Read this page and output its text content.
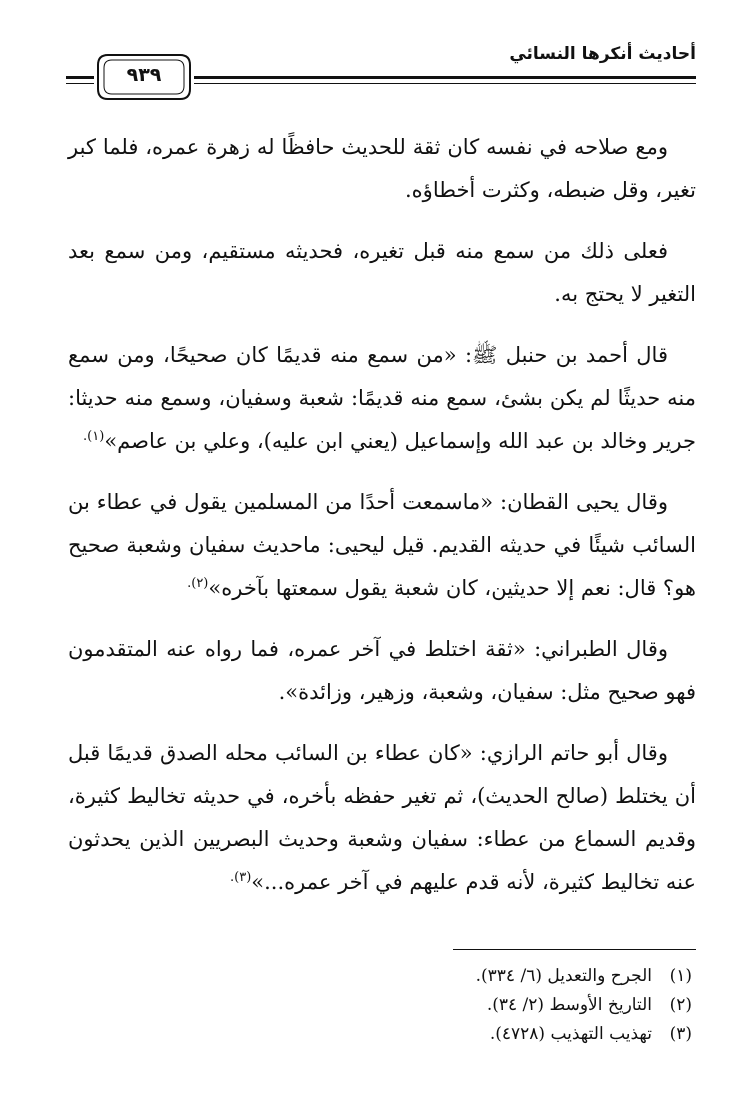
أحاديث أنكرها النسائي
٩٣٩

ومع صلاحه في نفسه كان ثقة للحديث حافظًا له زهرة عمره، فلما كبر تغير، وقل ضبطه، وكثرت أخطاؤه.

فعلى ذلك من سمع منه قبل تغيره، فحديثه مستقيم، ومن سمع بعد التغير لا يحتج به.

قال أحمد بن حنبل ﷺ: «من سمع منه قديمًا كان صحيحًا، ومن سمع منه حديثًا لم يكن بشئ، سمع منه قديمًا: شعبة وسفيان، وسمع منه حديثا: جرير وخالد بن عبد الله وإسماعيل (يعني ابن عليه)، وعلي بن عاصم»$^{(١).}$

وقال يحيى القطان: «ماسمعت أحدًا من المسلمين يقول في عطاء بن السائب شيئًا في حديثه القديم. قيل ليحيى: ماحديث سفيان وشعبة صحيح هو؟ قال: نعم إلا حديثين، كان شعبة يقول سمعتها بآخره»$^{(٢).}$

وقال الطبراني: «ثقة اختلط في آخر عمره، فما رواه عنه المتقدمون فهو صحيح مثل: سفيان، وشعبة، وزهير، وزائدة».

وقال أبو حاتم الرازي: «كان عطاء بن السائب محله الصدق قديمًا قبل أن يختلط (صالح الحديث)، ثم تغير حفظه بأخره، في حديثه تخاليط كثيرة، وقديم السماع من عطاء: سفيان وشعبة وحديث البصريين الذين يحدثون عنه تخاليط كثيرة، لأنه قدم عليهم في آخر عمره...»$^{(٣).}$

(١)
الجرح والتعديل (٦/ ٣٣٤).
(٢)
التاريخ الأوسط (٢/ ٣٤).
(٣)
تهذيب التهذيب (٤٧٢٨).
